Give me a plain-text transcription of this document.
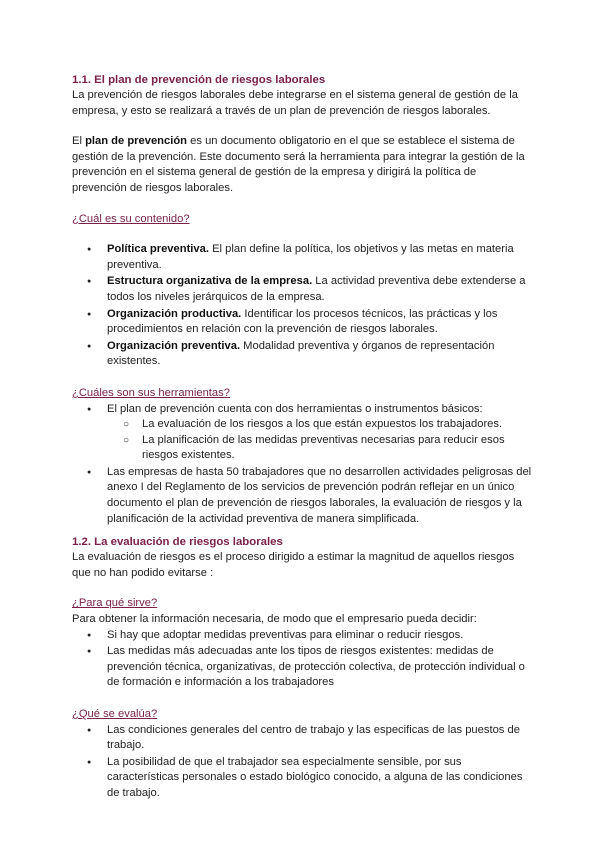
1.1. El plan de prevención de riesgos laborales

La prevención de riesgos laborales debe integrarse en el sistema general de gestión de la empresa, y esto se realizará a través de un plan de prevención de riesgos laborales.

El plan de prevención es un documento obligatorio en el que se establece el sistema de gestión de la prevención. Este documento será la herramienta para integrar la gestión de la prevención en el sistema general de gestión de la empresa y dirigirá la política de prevención de riesgos laborales.

¿Cuál es su contenido?

● Política preventiva. El plan define la política, los objetivos y las metas en materia preventiva.
● Estructura organizativa de la empresa. La actividad preventiva debe extenderse a todos los niveles jerárquicos de la empresa.
● Organización productiva. Identificar los procesos técnicos, las prácticas y los procedimientos en relación con la prevención de riesgos laborales.
● Organización preventiva. Modalidad preventiva y órganos de representación existentes.

¿Cuáles son sus herramientas?

● El plan de prevención cuenta con dos herramientas o instrumentos básicos:
○ La evaluación de los riesgos a los que están expuestos los trabajadores.
○ La planificación de las medidas preventivas necesarias para reducir esos riesgos existentes.
● Las empresas de hasta 50 trabajadores que no desarrollen actividades peligrosas del anexo I del Reglamento de los servicios de prevención podrán reflejar en un único documento el plan de prevención de riesgos laborales, la evaluación de riesgos y la planificación de la actividad preventiva de manera simplificada.
1.2. La evaluación de riesgos laborales

La evaluación de riesgos es el proceso dirigido a estimar la magnitud de aquellos riesgos que no han podido evitarse :

¿Para qué sirve?

Para obtener la información necesaria, de modo que el empresario pueda decidir:

● Si hay que adoptar medidas preventivas para eliminar o reducir riesgos.
● Las medidas más adecuadas ante los tipos de riesgos existentes: medidas de prevención técnica, organizativas, de protección colectiva, de protección individual o de formación e información a los trabajadores

¿Qué se evalúa?

● Las condiciones generales del centro de trabajo y las especificas de las puestos de trabajo.
● La posibilidad de que el trabajador sea especialmente sensible, por sus características personales o estado biológico conocido, a alguna de las condiciones de trabajo.
